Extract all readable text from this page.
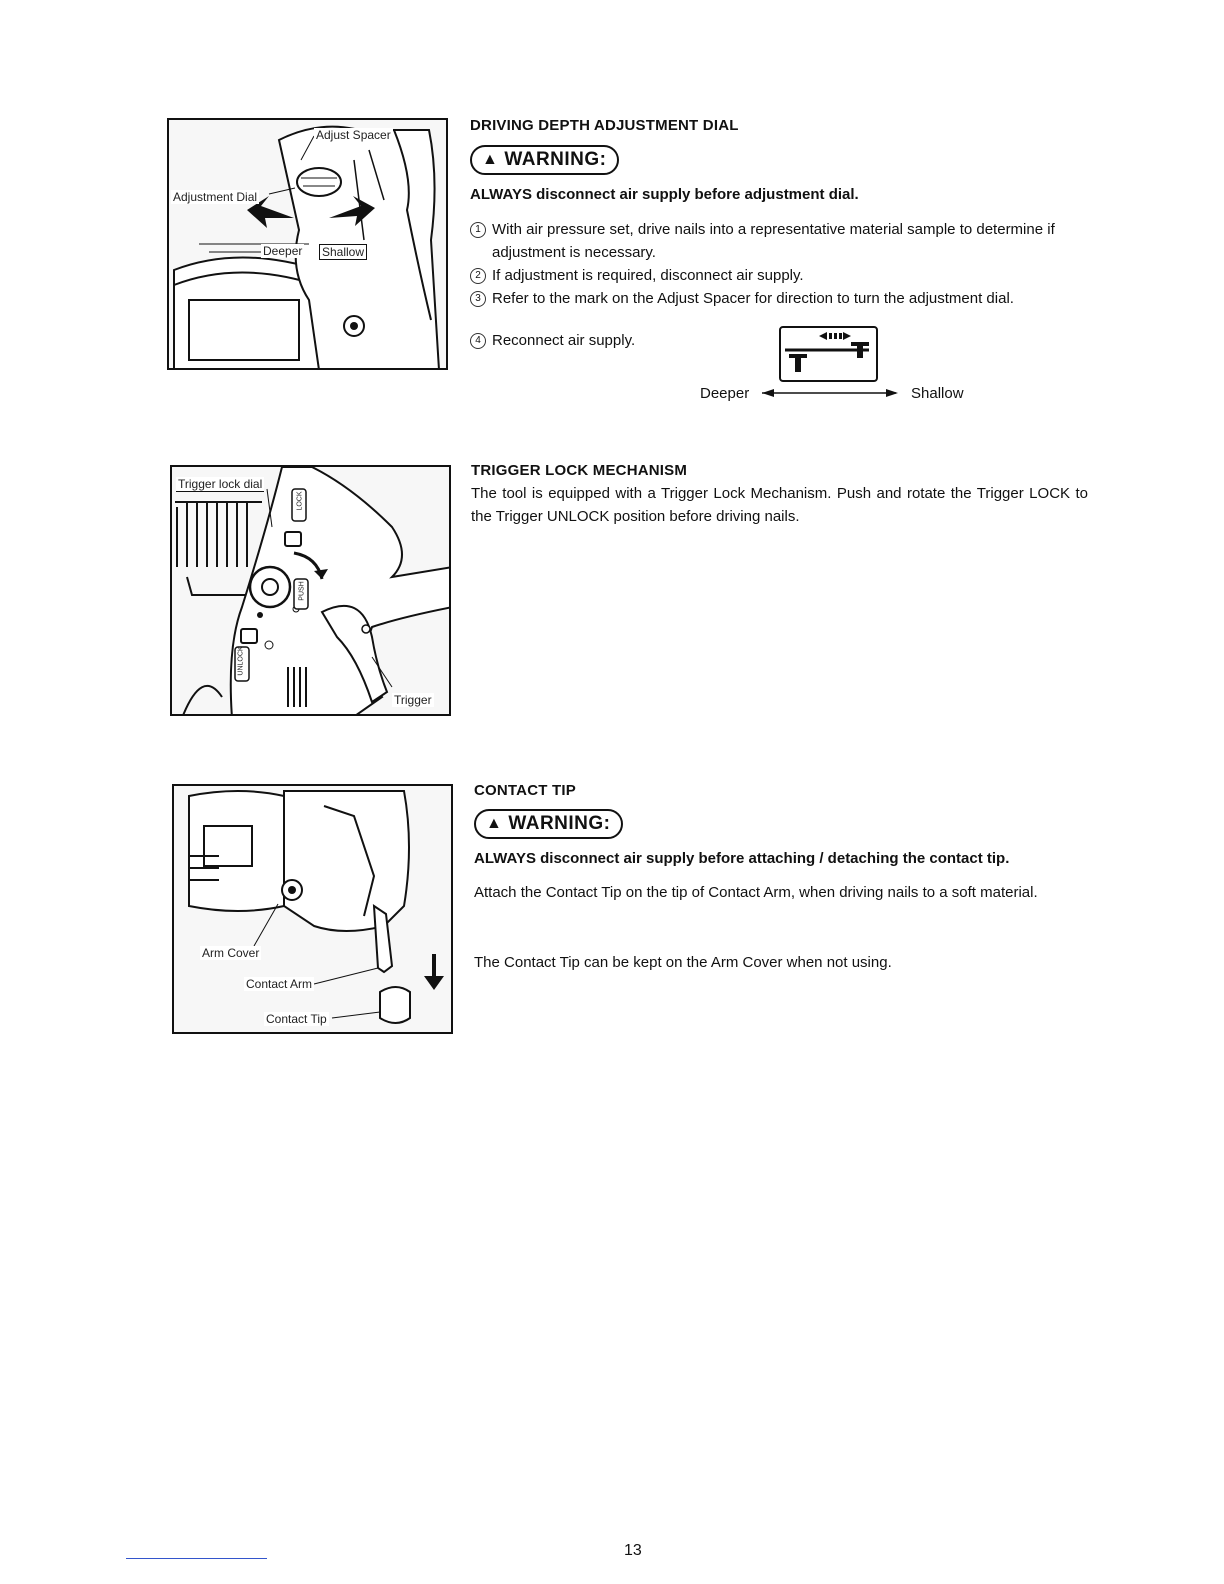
Adjust Spacer
Adjustment Dial
Deeper Shallow
DRIVING DEPTH ADJUSTMENT DIAL
▲ WARNING:
ALWAYS disconnect air supply before adjustment dial.
1 With air pressure set, drive nails into a representative material sample to determine if adjustment is necessary.
2 If adjustment is required, disconnect air supply.
3 Refer to the mark on the Adjust Spacer for direction to turn the adjustment dial.
4 Reconnect air supply.
Deeper	Shallow
Trigger lock dial
LOCK
PUSH
UNLOCK
Trigger
TRIGGER LOCK MECHANISM
The tool is equipped with a Trigger Lock Mechanism. Push and rotate the Trigger LOCK to the Trigger UNLOCK position before driving nails.
Arm Cover
Contact Arm
Contact Tip
CONTACT TIP
▲ WARNING:
ALWAYS disconnect air supply before attaching / detaching the contact tip.
Attach the Contact Tip on the tip of Contact Arm, when driving nails to a soft material.
The Contact Tip can be kept on the Arm Cover when not using.
13
